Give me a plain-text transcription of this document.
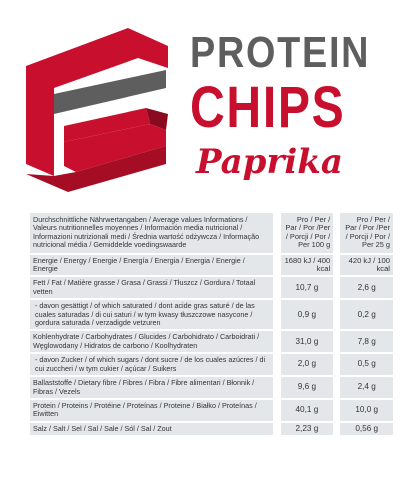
PROTEIN

CHIPS

Paprika

Durchschnittliche Nährwertangaben / Average values Informations / Valeurs nutritionnelles moyennes / Información media nutricional / Informazioni nutrizionali medi / Średnia wartość odżywcza / Informação nutricional média / Gemiddelde voedingswaarde		Pro / Per / Par / Por /Per / Porcji / Por / Per 100 g		Pro / Per / Par / Por /Per / Porcji / Por / Per 25 g
Energie / Energy / Energie / Energía / Energia / Energia / Energie / Energie		1680 kJ / 400 kcal		420 kJ / 100 kcal
Fett / Fat / Matière grasse / Grasa / Grassi / Tłuszcz / Gordura / Totaal vetten		10,7 g		2,6 g
- davon gesättigt / of which saturated / dont acide gras saturé / de las cuales saturadas / di cui saturi / w tym kwasy tłuszczowe nasycone / gordura saturada / verzadigde vetzuren		0,9 g		0,2 g
Kohlenhydrate / Carbohydrates / Glucides / Carbohidrato / Carboidrati / Węglowodany / Hidratos de carbono / Koolhydraten		31,0 g		7,8 g
- davon Zucker / of which sugars / dont sucre / de los cuales azúcres / di cui zuccheri / w tym cukier / açúcar / Suikers		2,0 g		0,5 g
Ballaststoffe / Dietary fibre / Fibres / Fibra / Fibre alimentari / Błonnik / Fibras / Vezels		9,6 g		2,4 g
Protein / Proteins / Protéine / Proteínas / Proteine / Białko / Proteínas / Eiwitten		40,1 g		10,0 g
Salz / Salt / Sel / Sal / Sale / Sól / Sal / Zout		2,23 g		0,56 g
